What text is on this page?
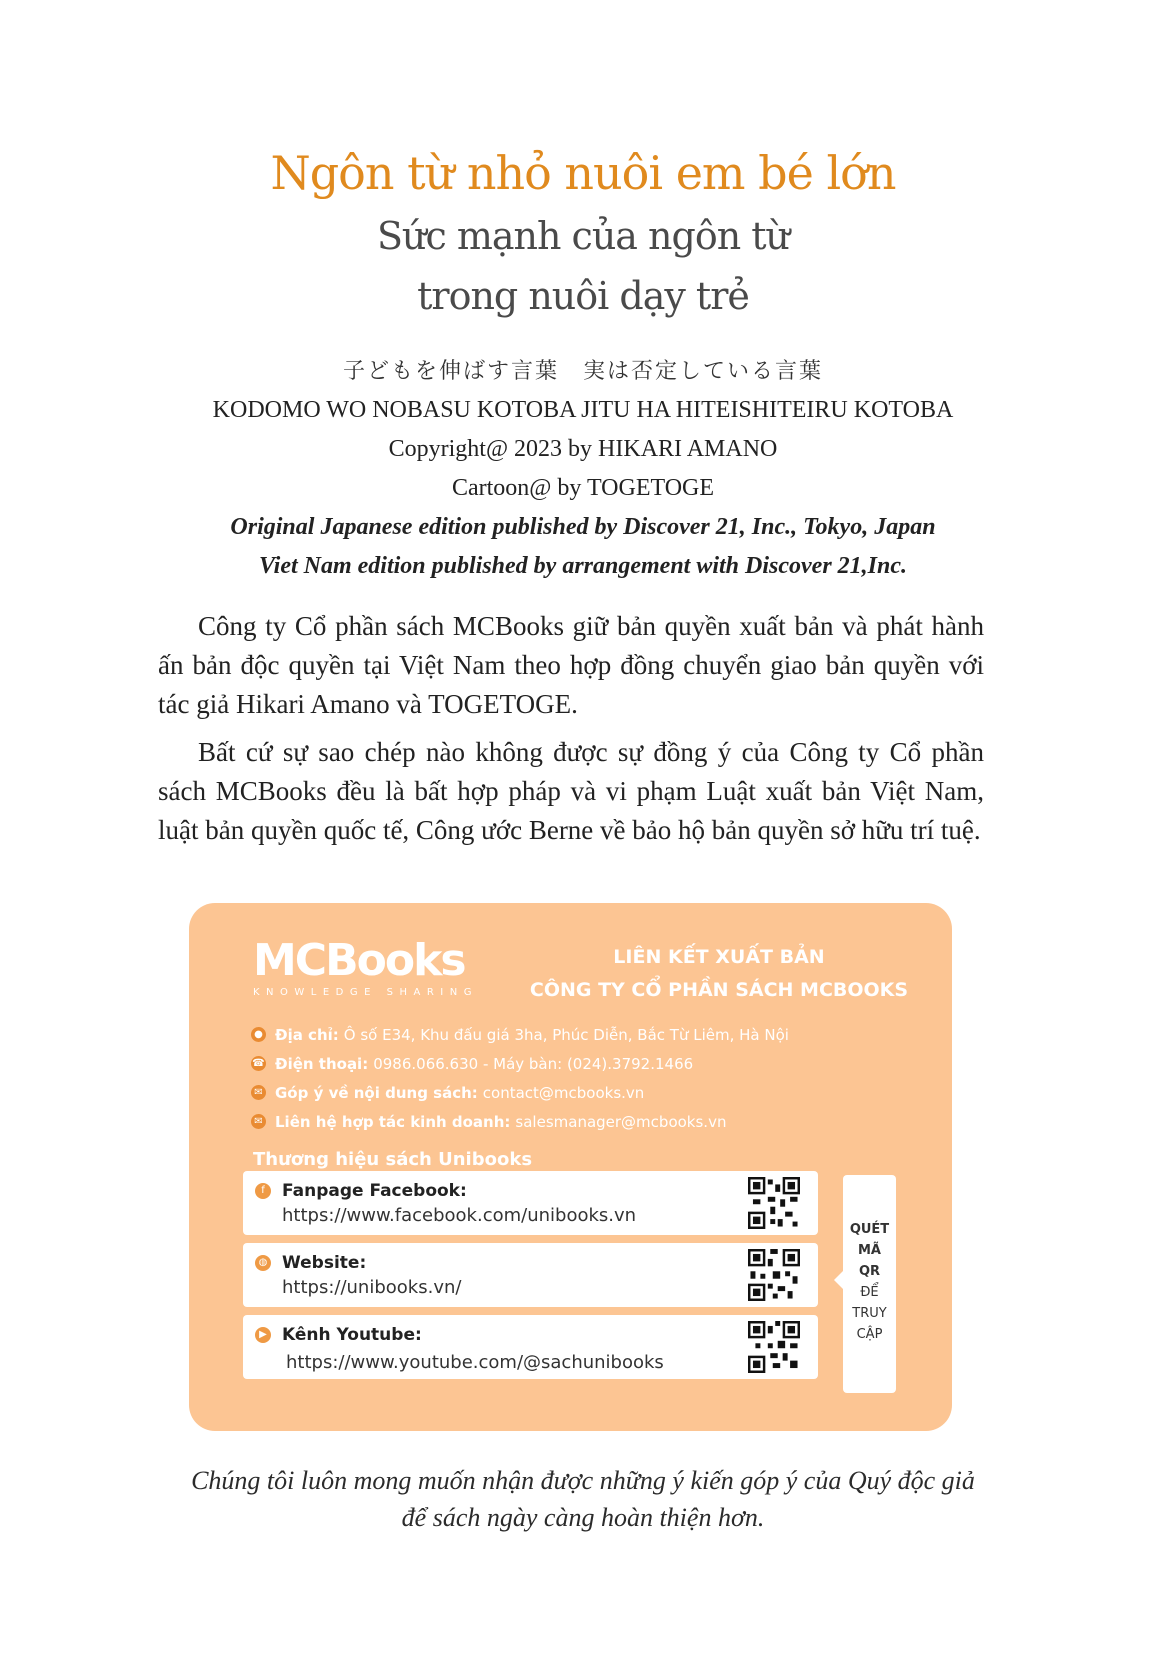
Ngôn từ nhỏ nuôi em bé lớn
Sức mạnh của ngôn từ
trong nuôi dạy trẻ
子どもを伸ばす言葉　実は否定している言葉
KODOMO WO NOBASU KOTOBA JITU HA HITEISHITEIRU KOTOBA
Copyright@ 2023 by HIKARI AMANO
Cartoon@ by TOGETOGE
Original Japanese edition published by Discover 21, Inc., Tokyo, Japan
Viet Nam edition published by arrangement with Discover 21,Inc.

Công ty Cổ phần sách MCBooks giữ bản quyền xuất bản và phát hành ấn bản độc quyền tại Việt Nam theo hợp đồng chuyển giao bản quyền với tác giả Hikari Amano và TOGETOGE.

Bất cứ sự sao chép nào không được sự đồng ý của Công ty Cổ phần sách MCBooks đều là bất hợp pháp và vi phạm Luật xuất bản Việt Nam, luật bản quyền quốc tế, Công ước Berne về bảo hộ bản quyền sở hữu trí tuệ.

MCBooks
KNOWLEDGE SHARING
LIÊN KẾT XUẤT BẢN
CÔNG TY CỔ PHẦN SÁCH MCBOOKS
● Địa chỉ: Ô số E34, Khu đấu giá 3ha, Phúc Diễn, Bắc Từ Liêm, Hà Nội
☎ Điện thoại: 0986.066.630 - Máy bàn: (024).3792.1466
✉ Góp ý về nội dung sách: contact@mcbooks.vn
✉ Liên hệ hợp tác kinh doanh: salesmanager@mcbooks.vn
Thương hiệu sách Unibooks
f	Fanpage Facebook:
https://www.facebook.com/unibooks.vn
◍ Website:
https://unibooks.vn/
▶ Kênh Youtube:
https://www.youtube.com/@sachunibooks
QUÉT
MÃ
QR
ĐỂ
TRUY
CẬP
Chúng tôi luôn mong muốn nhận được những ý kiến góp ý của Quý độc giả
để sách ngày càng hoàn thiện hơn.
